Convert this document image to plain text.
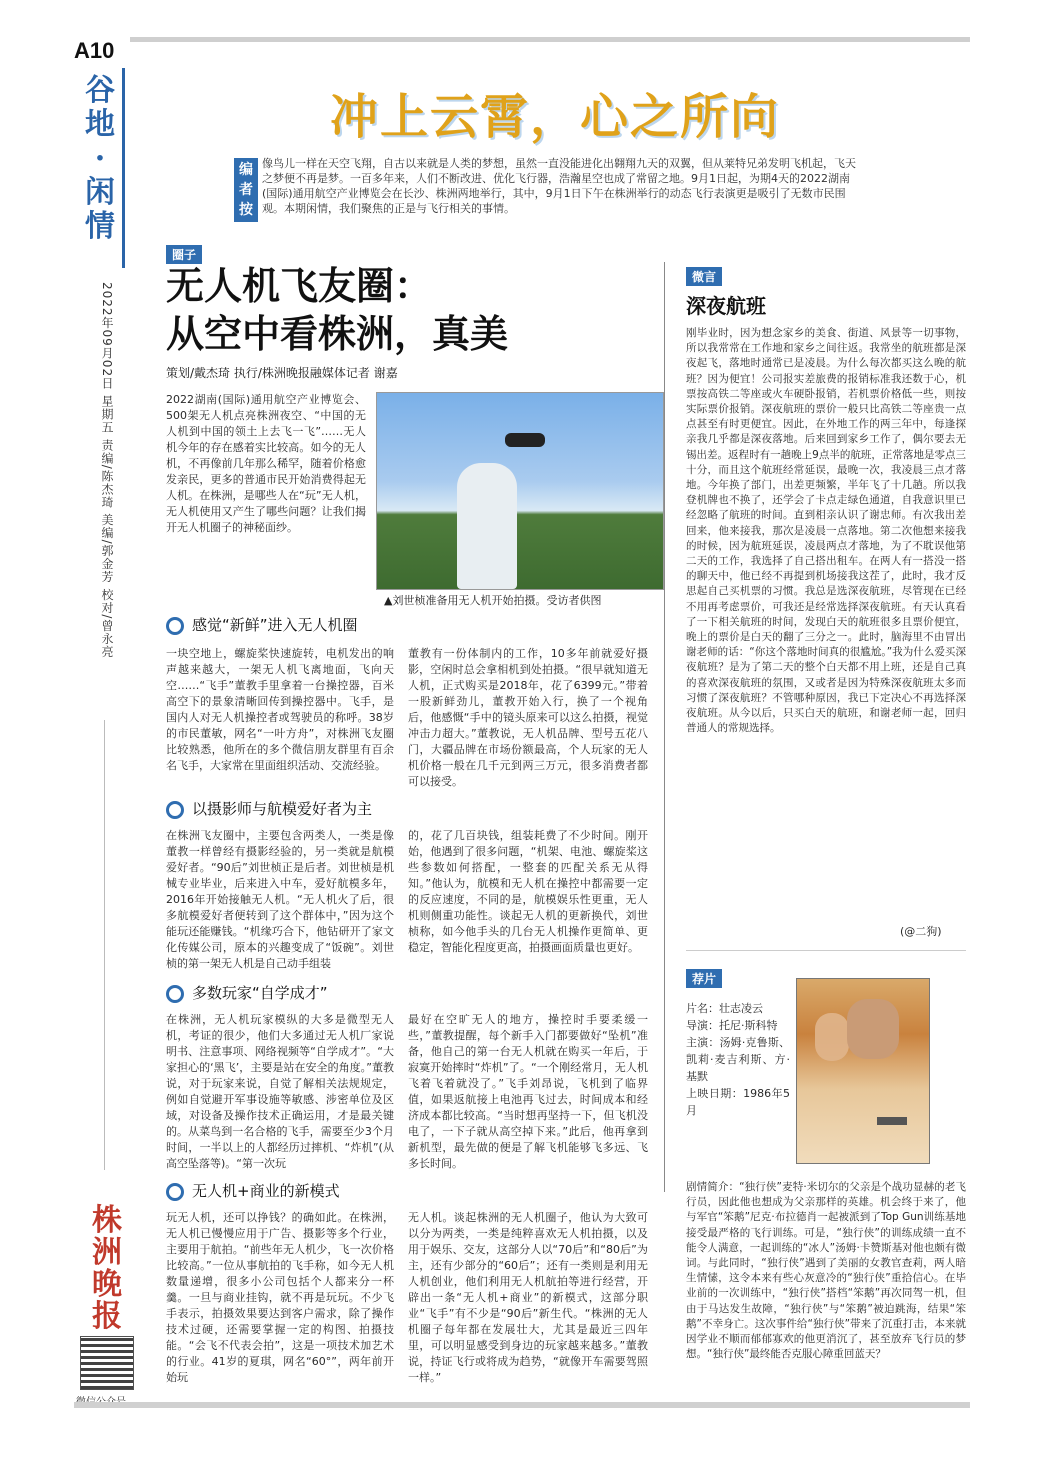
A10
谷地·闲情
2022年09月02日 星期五 责编/陈杰琦 美编/郭金芳 校对/曾永亮
株洲晚报
冲上云霄，心之所向
编者按
像鸟儿一样在天空飞翔，自古以来就是人类的梦想，虽然一直没能进化出翱翔九天的双翼，但从莱特兄弟发明飞机起，飞天之梦便不再是梦。一百多年来，人们不断改进、优化飞行器，浩瀚星空也成了常留之地。9月1日起，为期4天的2022湖南(国际)通用航空产业博览会在长沙、株洲两地举行，其中，9月1日下午在株洲举行的动态飞行表演更是吸引了无数市民围观。本期闲情，我们聚焦的正是与飞行相关的事情。
圈子
无人机飞友圈：
从空中看株洲，真美
策划/戴杰琦 执行/株洲晚报融媒体记者 谢嘉
2022湖南(国际)通用航空产业博览会、500架无人机点亮株洲夜空、“中国的无人机到中国的领土上去飞一飞”……无人机今年的存在感着实比较高。如今的无人机，不再像前几年那么稀罕，随着价格愈发亲民，更多的普通市民开始消费得起无人机。在株洲，是哪些人在“玩”无人机，无人机使用又产生了哪些问题？让我们揭开无人机圈子的神秘面纱。
▲刘世桢准备用无人机开始拍摄。受访者供图
感觉“新鲜”进入无人机圈
一块空地上，螺旋桨快速旋转，电机发出的响声越来越大，一架无人机飞离地面，飞向天空……“飞手”董教手里拿着一台操控器，百米高空下的景象清晰回传到操控器中。飞手，是国内人对无人机操控者或驾驶员的称呼。38岁的市民董敏，网名“一叶方舟”，对株洲飞友圈比较熟悉，他所在的多个微信朋友群里有百余名飞手，大家常在里面组织活动、交流经验。
董教有一份体制内的工作，10多年前就爱好摄影，空闲时总会拿相机到处拍摄。“很早就知道无人机，正式购买是2018年，花了6399元。”带着一股新鲜劲儿，董教开始入行，换了一个视角后，他感慨“手中的镜头原来可以这么拍摄，视觉冲击力超大。”董教说，无人机品牌、型号五花八门，大疆品牌在市场份额最高，个人玩家的无人机价格一般在几千元到两三万元，很多消费者都可以接受。
以摄影师与航模爱好者为主
在株洲飞友圈中，主要包含两类人，一类是像董教一样曾经有摄影经验的，另一类就是航模爱好者。“90后”刘世桢正是后者。刘世桢是机械专业毕业，后来进入中车，爱好航模多年，2016年开始接触无人机。“无人机火了后，很多航模爱好者便转到了这个群体中，”因为这个能玩还能赚钱。“机缘巧合下，他钻研开了家文化传媒公司，原本的兴趣变成了“饭碗”。刘世桢的第一架无人机是自己动手组装
的，花了几百块钱，组装耗费了不少时间。刚开始，他遇到了很多问题，“机架、电池、螺旋桨这些参数如何搭配，一整套的匹配关系无从得知。”他认为，航模和无人机在操控中都需要一定的反应速度，不同的是，航模娱乐性更重，无人机则侧重功能性。谈起无人机的更新换代，刘世桢称，如今他手头的几台无人机操作更简单、更稳定，智能化程度更高，拍摄画面质量也更好。
多数玩家“自学成才”
在株洲，无人机玩家模纵的大多是微型无人机，考证的很少，他们大多通过无人机厂家说明书、注意事项、网络视频等“自学成才”。“大家担心的‘黑飞’，主要是站在安全的角度。”董教说，对于玩家来说，自觉了解相关法规规定，例如自觉避开军事设施等敏感、涉密单位及区域，对设备及操作技术正确运用，才是最关键的。从菜鸟到一名合格的飞手，需要至少3个月时间，一半以上的人都经历过摔机、“炸机”(从高空坠落等)。“第一次玩
最好在空旷无人的地方，操控时手要柔缓一些，”董教提醒，每个新手入门都要做好“坠机”准备，他自己的第一台无人机就在购买一年后，于寂寞开始摔时“炸机”了。“一个刚经常月，无人机飞着飞着就没了。”飞手刘昂说，飞机到了临界值，如果返航接上电池再飞过去，时间成本和经济成本都比较高。“当时想再坚持一下，但飞机没电了，一下子就从高空掉下来。”此后，他再拿到新机型，最先做的便是了解飞机能够飞多远、飞多长时间。
无人机+商业的新模式
玩无人机，还可以挣钱？的确如此。在株洲，无人机已慢慢应用于广告、摄影等多个行业，主要用于航拍。“前些年无人机少，飞一次价格比较高。”一位从事航拍的飞手称，如今无人机数量递增，很多小公司包括个人都来分一杯羹。一旦与商业挂钩，就不再是玩玩。不少飞手表示，拍摄效果要达到客户需求，除了操作技术过硬，还需要掌握一定的构图、拍摄技能。“会飞不代表会拍”，这是一项技术加艺术的行业。41岁的夏琪，网名“60°”，两年前开始玩
无人机。谈起株洲的无人机圈子，他认为大致可以分为两类，一类是纯粹喜欢无人机拍摄，以及用于娱乐、交友，这部分人以“70后”和“80后”为主，还有少部分的“60后”；还有一类则是利用无人机创业，他们利用无人机航拍等进行经营，开辟出一条“无人机+商业”的新模式，这部分职业“飞手”有不少是“90后”新生代。“株洲的无人机圈子每年都在发展壮大，尤其是最近三四年里，可以明显感受到身边的玩家越来越多。”董教说，持证飞行或将成为趋势，“就像开车需要驾照一样。”
微言
深夜航班
刚毕业时，因为想念家乡的美食、街道、风景等一切事物，所以我常常在工作地和家乡之间往返。我常坐的航班都是深夜起飞，落地时通常已是凌晨。为什么每次都买这么晚的航班？因为便宜！公司报实差旅费的报销标准我还数于心，机票按高铁二等座或火车硬卧报销，若机票价格低一些，则按实际票价报销。深夜航班的票价一般只比高铁二等座贵一点点甚至有时更便宜。因此，在外地工作的两三年中，每逢探亲我几乎都是深夜落地。后来回到家乡工作了，偶尔要去无锡出差。返程时有一趟晚上9点半的航班，正常落地是零点三十分，而且这个航班经常延误，最晚一次，我凌晨三点才落地。今年换了部门，出差更频繁，半年飞了十几趟。所以我登机牌也不换了，还学会了卡点走绿色通道，自我意识里已经忽略了航班的时间。直到相亲认识了谢忠师。有次我出差回来，他来接我，那次是凌晨一点落地。第二次他想来接我的时候，因为航班延误，凌晨两点才落地，为了不耽误他第二天的工作，我选择了自己搭出租车。在两人有一搭没一搭的聊天中，他已经不再提到机场接我这茬了，此时，我才反思起自己买机票的习惯。我总是选深夜航班，尽管现在已经不用再考虑票价，可我还是经常选择深夜航班。有天认真看了一下相关航班的时间，发现白天的航班很多且票价便宜，晚上的票价是白天的翻了三分之一。此时，脑海里不由冒出谢老师的话：“你这个落地时间真的很尴尬。”我为什么爱买深夜航班？是为了第二天的整个白天都不用上班，还是自己真的喜欢深夜航班的氛围，又或者是因为特殊深夜航班太多而习惯了深夜航班？不管哪种原因，我已下定决心不再选择深夜航班。从今以后，只买白天的航班，和谢老师一起，回归普通人的常规选择。
(@二狗)
荐片
片名：壮志凌云
导演：托尼·斯科特
主演：汤姆·克鲁斯、凯莉·麦吉利斯、方·基默
上映日期：1986年5月
剧情简介：“独行侠”麦特·米切尔的父亲是个战功显赫的老飞行员，因此他也想成为父亲那样的英雄。机会终于来了，他与军官“笨鹅”尼克·布拉德肖一起被派到了Top Gun训练基地接受最严格的飞行训练。可是，“独行侠”的训练成绩一直不能令人满意，一起训练的“冰人”汤姆·卡赞斯基对他也颇有微词。与此同时，“独行侠”遇到了美丽的女教官查莉，两人暗生情愫，这令本来有些心灰意冷的“独行侠”重拾信心。在毕业前的一次训练中，“独行侠”搭档“笨鹅”再次同驾一机，但由于马达发生故障，“独行侠”与“笨鹅”被迫跳海，结果“笨鹅”不幸身亡。这次事件给“独行侠”带来了沉重打击，本来就因学业不顺而郁郁寡欢的他更消沉了，甚至放弃飞行员的梦想。“独行侠”最终能否克服心障重回蓝天？
